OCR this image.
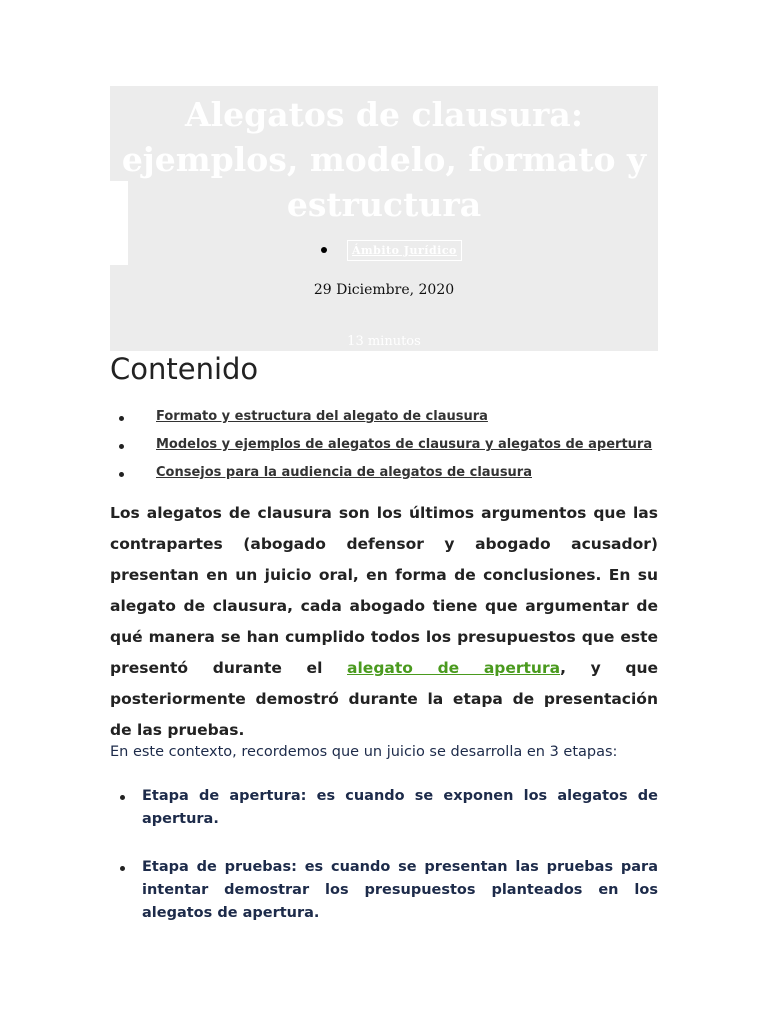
Alegatos de clausura: ejemplos, modelo, formato y estructura
Ámbito Jurídico
29 Diciembre, 2020
13 minutos
Contenido
Formato y estructura del alegato de clausura
Modelos y ejemplos de alegatos de clausura y alegatos de apertura
Consejos para la audiencia de alegatos de clausura

Los alegatos de clausura son los últimos argumentos que las contrapartes (abogado defensor y abogado acusador) presentan en un juicio oral, en forma de conclusiones. En su alegato de clausura, cada abogado tiene que argumentar de qué manera se han cumplido todos los presupuestos que este presentó durante el alegato de apertura, y que posteriormente demostró durante la etapa de presentación de las pruebas.

En este contexto, recordemos que un juicio se desarrolla en 3 etapas:

Etapa de apertura: es cuando se exponen los alegatos de apertura.
Etapa de pruebas: es cuando se presentan las pruebas para intentar demostrar los presupuestos planteados en los alegatos de apertura.
